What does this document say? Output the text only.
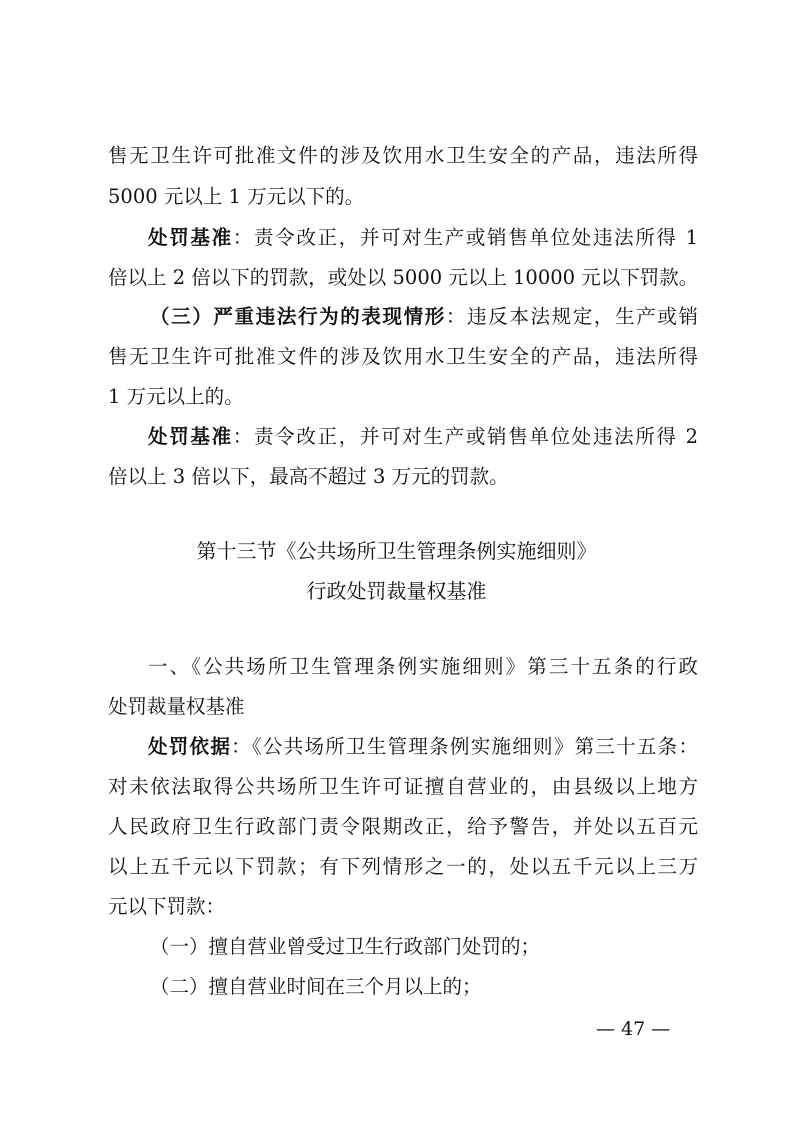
售无卫生许可批准文件的涉及饮用水卫生安全的产品，违法所得
5000 元以上 1 万元以下的。
处罚基准：责令改正，并可对生产或销售单位处违法所得 1
倍以上 2 倍以下的罚款，或处以 5000 元以上 10000 元以下罚款。
（三）严重违法行为的表现情形：违反本法规定，生产或销
售无卫生许可批准文件的涉及饮用水卫生安全的产品，违法所得
1 万元以上的。
处罚基准：责令改正，并可对生产或销售单位处违法所得 2
倍以上 3 倍以下，最高不超过 3 万元的罚款。
第十三节《公共场所卫生管理条例实施细则》
行政处罚裁量权基准
一、《公共场所卫生管理条例实施细则》第三十五条的行政
处罚裁量权基准
处罚依据：《公共场所卫生管理条例实施细则》第三十五条：
对未依法取得公共场所卫生许可证擅自营业的，由县级以上地方
人民政府卫生行政部门责令限期改正，给予警告，并处以五百元
以上五千元以下罚款；有下列情形之一的，处以五千元以上三万
元以下罚款：
（一）擅自营业曾受过卫生行政部门处罚的；
（二）擅自营业时间在三个月以上的；
— 47 —
